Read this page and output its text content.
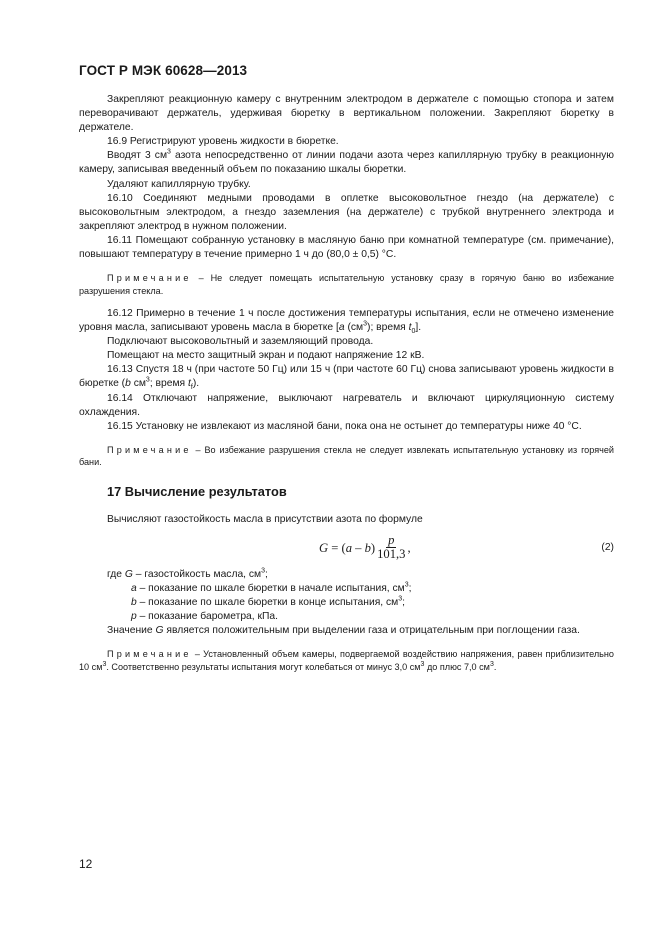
ГОСТ Р МЭК 60628—2013

Закрепляют реакционную камеру с внутренним электродом в держателе с помощью стопора и затем переворачивают держатель, удерживая бюретку в вертикальном положении. Закрепляют бюретку в держателе.

16.9 Регистрируют уровень жидкости в бюретке.

Вводят 3 $см^3$ азота непосредственно от линии подачи азота через капиллярную трубку в реакционную камеру, записывая введенный объем по показанию шкалы бюретки.

Удаляют капиллярную трубку.

16.10 Соединяют медными проводами в оплетке высоковольтное гнездо (на держателе) с высоковольтным электродом, а гнездо заземления (на держателе) с трубкой внутреннего электрода и закрепляют электрод в нужном положении.

16.11 Помещают собранную установку в масляную баню при комнатной температуре (см. примечание), повышают температуру в течение примерно 1 ч до (80,0 ± 0,5) °С.

Примечание – Не следует помещать испытательную установку сразу в горячую баню во избежание разрушения стекла.

16.12 Примерно в течение 1 ч после достижения температуры испытания, если не отмечено изменение уровня масла, записывают уровень масла в бюретке [a $(см^3)$; время $t_0$].

Подключают высоковольтный и заземляющий провода.

Помещают на место защитный экран и подают напряжение 12 кВ.

16.13 Спустя 18 ч (при частоте 50 Гц) или 15 ч (при частоте 60 Гц) снова записывают уровень жидкости в бюретке (b $см^3$; время $t_f$).

16.14 Отключают напряжение, выключают нагреватель и включают циркуляционную систему охлаждения.

16.15 Установку не извлекают из масляной бани, пока она не остынет до температуры ниже 40 °С.

Примечание – Во избежание разрушения стекла не следует извлекать испытательную установку из горячей бани.

17 Вычисление результатов

Вычисляют газостойкость масла в присутствии азота по формуле

G = ( a – b ) $\frac{p}{101,3}$ ,	(2)

где G – газостойкость масла, $см^3$;

a – показание по шкале бюретки в начале испытания, $см^3$;

b – показание по шкале бюретки в конце испытания, $см^3$;

p – показание барометра, кПа.

Значение G является положительным при выделении газа и отрицательным при поглощении газа.

Примечание – Установленный объем камеры, подвергаемой воздействию напряжения, равен приблизительно 10 $см^3$. Соответственно результаты испытания могут колебаться от минус 3,0 $см^3$ до плюс 7,0 $см^3$.

12
